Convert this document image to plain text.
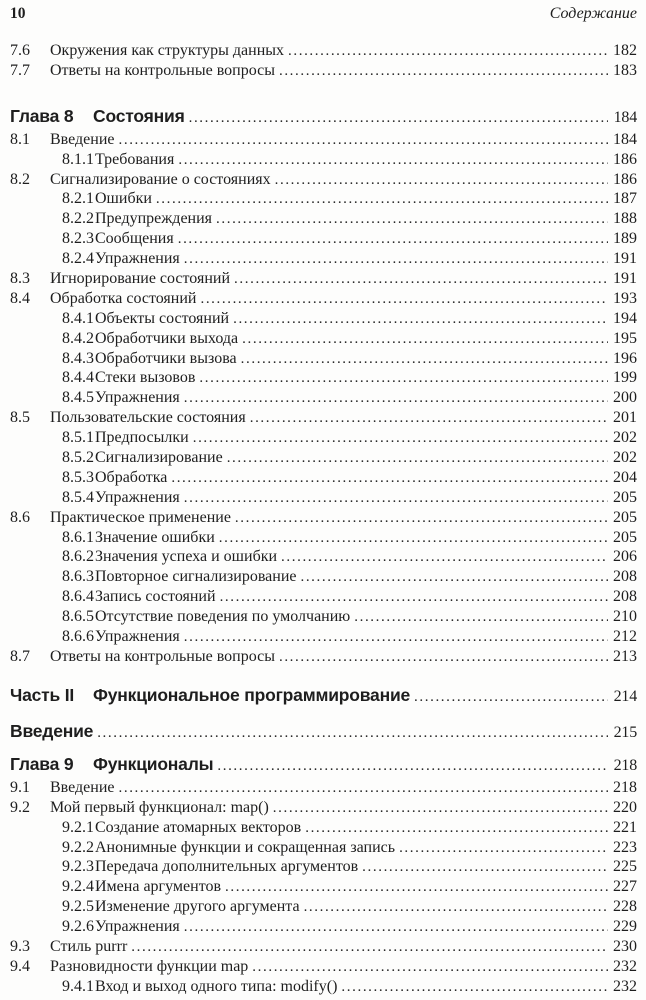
10	Содержание
7.6	Окружения как структуры данных .....	182
7.7	Ответы на контрольные вопросы .....	183
Глава 8	Состояния .....	184
8.1	Введение .....	184
8.1.1 Требования .....	186
8.2	Сигнализирование о состояниях .....	186
8.2.1 Ошибки .....	187
8.2.2 Предупреждения .....	188
8.2.3 Сообщения .....	189
8.2.4 Упражнения .....	191
8.3	Игнорирование состояний .....	191
8.4	Обработка состояний .....	193
8.4.1 Объекты состояний .....	194
8.4.2 Обработчики выхода .....	195
8.4.3 Обработчики вызова .....	196
8.4.4 Стеки вызовов .....	199
8.4.5 Упражнения .....	200
8.5	Пользовательские состояния .....	201
8.5.1 Предпосылки .....	202
8.5.2 Сигнализирование .....	202
8.5.3 Обработка .....	204
8.5.4 Упражнения .....	205
8.6	Практическое применение .....	205
8.6.1 Значение ошибки .....	205
8.6.2 Значения успеха и ошибки .....	206
8.6.3 Повторное сигнализирование .....	208
8.6.4 Запись состояний .....	208
8.6.5 Отсутствие поведения по умолчанию .....	210
8.6.6 Упражнения .....	212
8.7	Ответы на контрольные вопросы .....	213
Часть II	Функциональное программирование .....	214
Введение .....	215
Глава 9	Функционалы .....	218
9.1	Введение .....	218
9.2	Мой первый функционал: map() .....	220
9.2.1 Создание атомарных векторов .....	221
9.2.2 Анонимные функции и сокращенная запись .....	223
9.2.3 Передача дополнительных аргументов .....	225
9.2.4 Имена аргументов .....	227
9.2.5 Изменение другого аргумента .....	228
9.2.6 Упражнения .....	229
9.3	Стиль purrr .....	230
9.4	Разновидности функции map .....	232
9.4.1 Вход и выход одного типа: modify() .....	232
